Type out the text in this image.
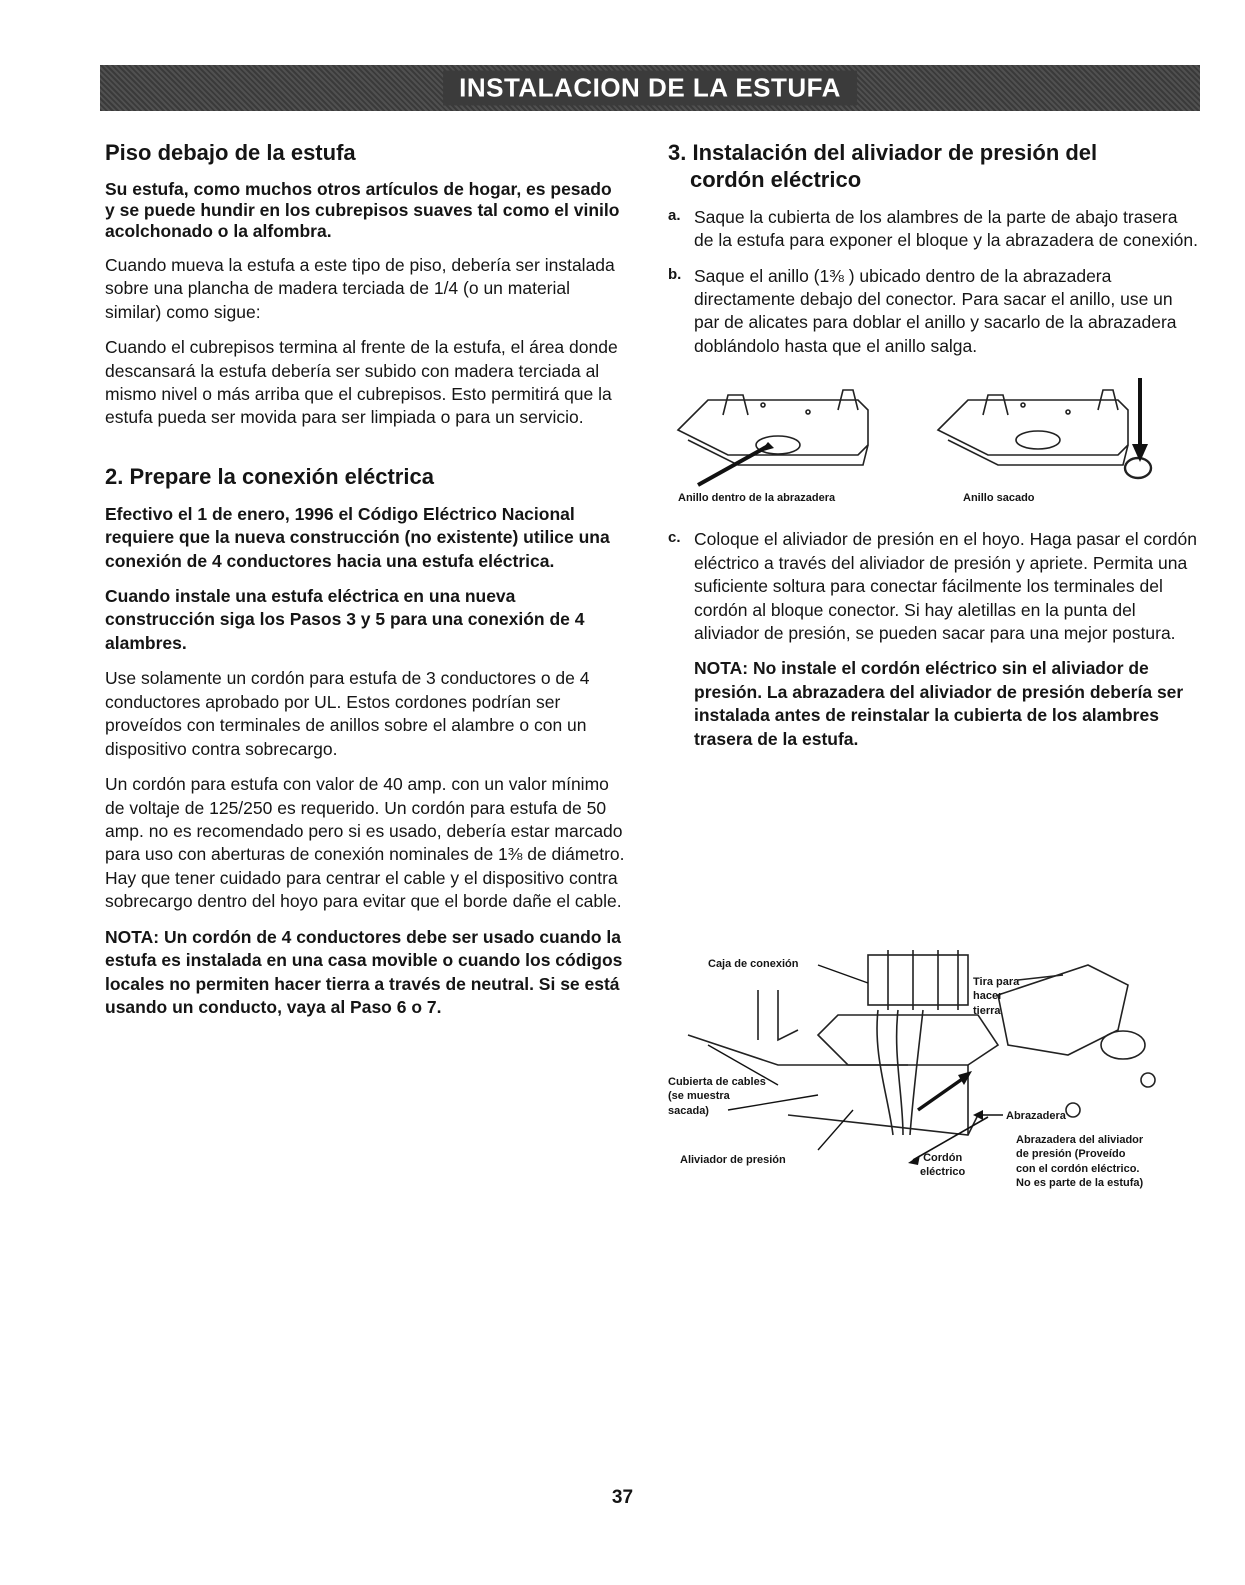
INSTALACION DE LA ESTUFA
Piso debajo de la estufa

Su estufa, como muchos otros artículos de hogar, es pesado y se puede hundir en los cubrepisos suaves tal como el vinilo acolchonado o la alfombra.

Cuando mueva la estufa a este tipo de piso, debería ser instalada sobre una plancha de madera terciada de 1/4 (o un material similar) como sigue:

Cuando el cubrepisos termina al frente de la estufa, el área donde descansará la estufa debería ser subido con madera terciada al mismo nivel o más arriba que el cubrepisos. Esto permitirá que la estufa pueda ser movida para ser limpiada o para un servicio.

2. Prepare la conexión eléctrica

Efectivo el 1 de enero, 1996 el Código Eléctrico Nacional requiere que la nueva construcción (no existente) utilice una conexión de 4 conductores hacia una estufa eléctrica.

Cuando instale una estufa eléctrica en una nueva construcción siga los Pasos 3 y 5 para una conexión de 4 alambres.

Use solamente un cordón para estufa de 3 conductores o de 4 conductores aprobado por UL. Estos cordones podrían ser proveídos con terminales de anillos sobre el alambre o con un dispositivo contra sobrecargo.

Un cordón para estufa con valor de 40 amp. con un valor mínimo de voltaje de 125/250 es requerido. Un cordón para estufa de 50 amp. no es recomendado pero si es usado, debería estar marcado para uso con aberturas de conexión nominales de 1⅜ de diámetro. Hay que tener cuidado para centrar el cable y el dispositivo contra sobrecargo dentro del hoyo para evitar que el borde dañe el cable.

NOTA: Un cordón de 4 conductores debe ser usado cuando la estufa es instalada en una casa movible o cuando los códigos locales no permiten hacer tierra a través de neutral. Si se está usando un conducto, vaya al Paso 6 o 7.

3. Instalación del aliviador de presión del
cordón eléctrico
a. Saque la cubierta de los alambres de la parte de abajo trasera de la estufa para exponer el bloque y la abrazadera de conexión.
b. Saque el anillo (1⅜ ) ubicado dentro de la abrazadera directamente debajo del conector. Para sacar el anillo, use un par de alicates para doblar el anillo y sacarlo de la abrazadera doblándolo hasta que el anillo salga.
Anillo dentro de la abrazadera	Anillo sacado
c. Coloque el aliviador de presión en el hoyo. Haga pasar el cordón eléctrico a través del aliviador de presión y apriete. Permita una suficiente soltura para conectar fácilmente los terminales del cordón al bloque conector. Si hay aletillas en la punta del aliviador de presión, se pueden sacar para una mejor postura.

NOTA: No instale el cordón eléctrico sin el aliviador de presión. La abrazadera del aliviador de presión debería ser instalada antes de reinstalar la cubierta de los alambres trasera de la estufa.

Caja de conexión
Tira para
hacer
tierra
Cubierta de cables
(se muestra
sacada)	Abrazadera
Aliviador de presión	Cordón
eléctrico
Abrazadera del aliviador
de presión (Proveído
con el cordón eléctrico.
No es parte de la estufa)
37
